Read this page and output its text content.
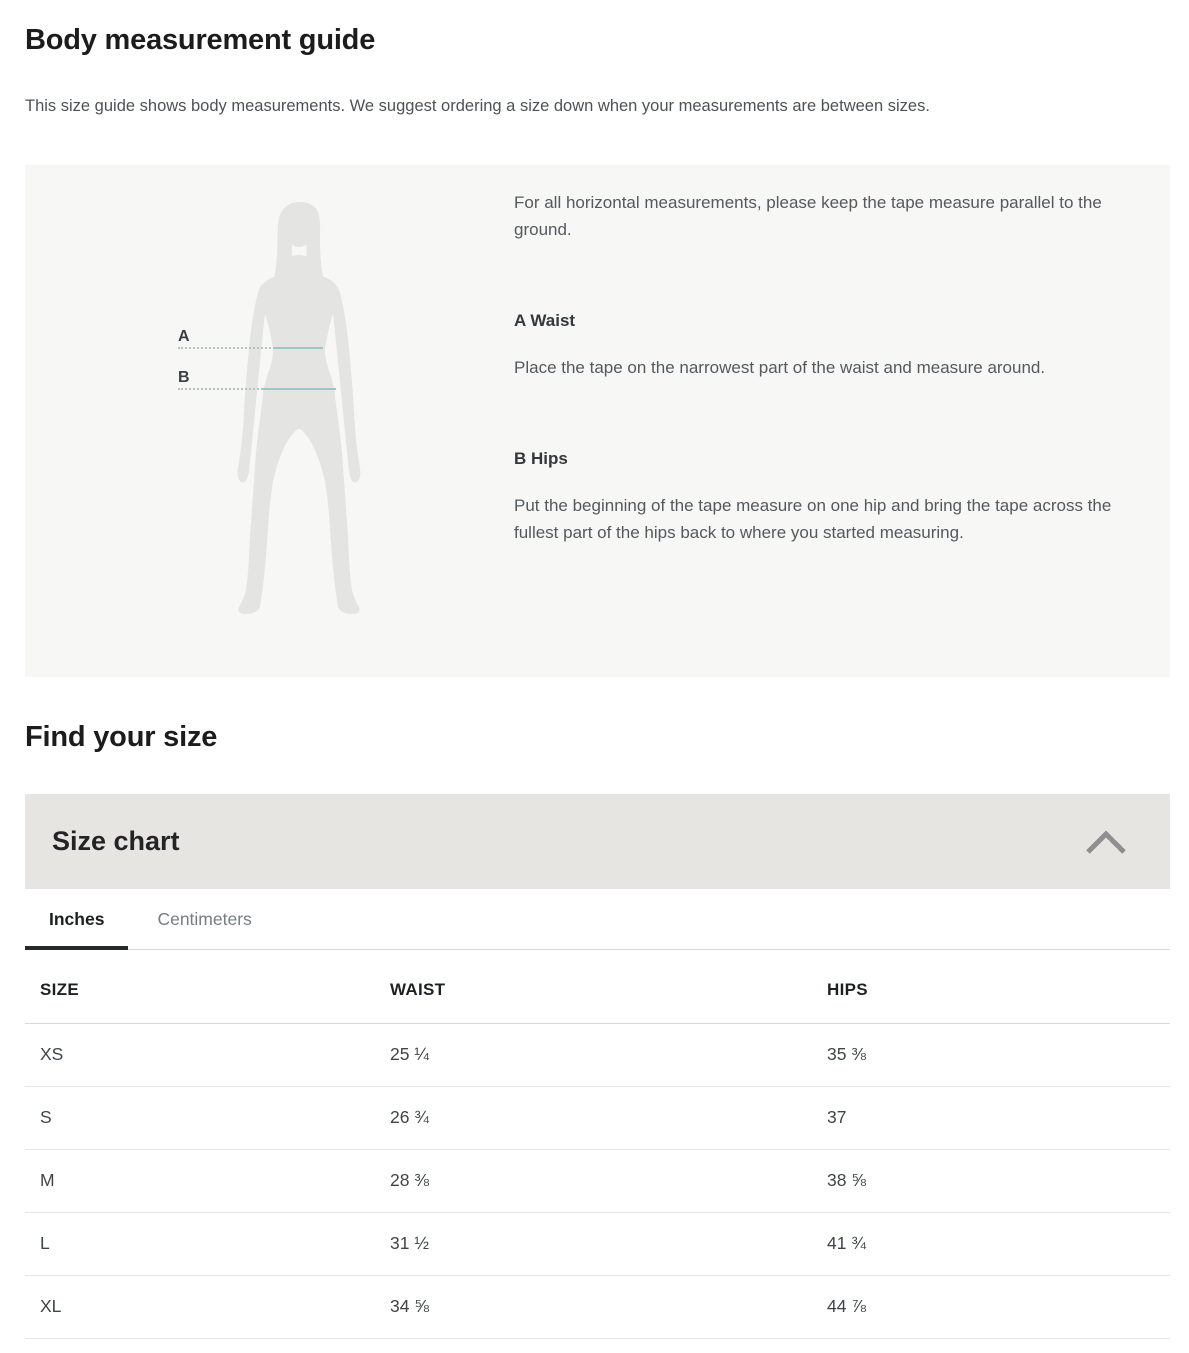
Body measurement guide

This size guide shows body measurements. We suggest ordering a size down when your measurements are between sizes.

A
B

For all horizontal measurements, please keep the tape measure parallel to the ground.

A Waist

Place the tape on the narrowest part of the waist and measure around.

B Hips

Put the beginning of the tape measure on one hip and bring the tape across the fullest part of the hips back to where you started measuring.

Find your size
Size chart
Inches	Centimeters
SIZE	WAIST	HIPS
XS	25 ¼	35 ⅜
S	26 ¾	37
M	28 ⅜	38 ⅝
L	31 ½	41 ¾
XL	34 ⅝	44 ⅞
